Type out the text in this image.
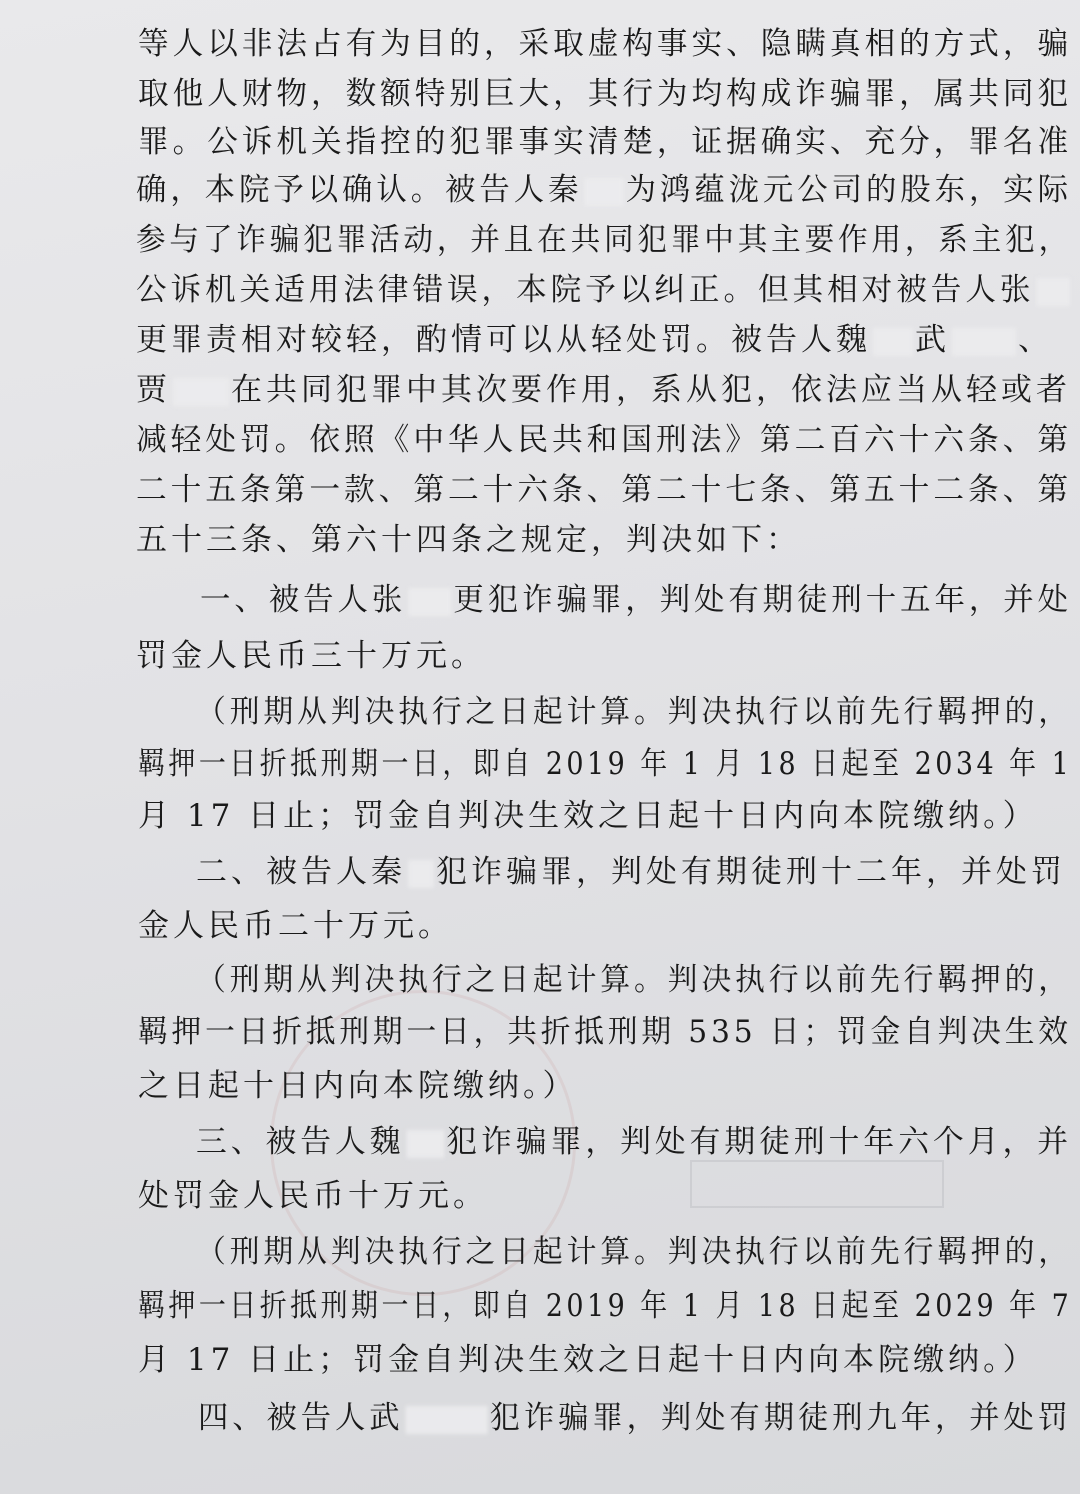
等人以非法占有为目的，采取虚构事实、隐瞒真相的方式，骗
取他人财物，数额特别巨大，其行为均构成诈骗罪，属共同犯
罪。公诉机关指控的犯罪事实清楚，证据确实、充分，罪名准
确，本院予以确认。被告人秦 为鸿蕴泷元公司的股东，实际
参与了诈骗犯罪活动，并且在共同犯罪中其主要作用，系主犯，
公诉机关适用法律错误，本院予以纠正。但其相对被告人张
更罪责相对较轻，酌情可以从轻处罚。被告人魏 武 、
贾 在共同犯罪中其次要作用，系从犯，依法应当从轻或者
减轻处罚。依照《中华人民共和国刑法》第二百六十六条、第
二十五条第一款、第二十六条、第二十七条、第五十二条、第
五十三条、第六十四条之规定，判决如下：
一、被告人张 更犯诈骗罪，判处有期徒刑十五年，并处
罚金人民币三十万元。
（刑期从判决执行之日起计算。判决执行以前先行羁押的，
羁押一日折抵刑期一日，即自 2019 年 1 月 18 日起至 2034 年 1
月 17 日止；罚金自判决生效之日起十日内向本院缴纳。）
二、被告人秦 犯诈骗罪，判处有期徒刑十二年，并处罚
金人民币二十万元。
（刑期从判决执行之日起计算。判决执行以前先行羁押的，
羁押一日折抵刑期一日，共折抵刑期 535 日；罚金自判决生效
之日起十日内向本院缴纳。）
三、被告人魏 犯诈骗罪，判处有期徒刑十年六个月，并
处罚金人民币十万元。
（刑期从判决执行之日起计算。判决执行以前先行羁押的，
羁押一日折抵刑期一日，即自 2019 年 1 月 18 日起至 2029 年 7
月 17 日止；罚金自判决生效之日起十日内向本院缴纳。）
四、被告人武	犯诈骗罪，判处有期徒刑九年，并处罚
